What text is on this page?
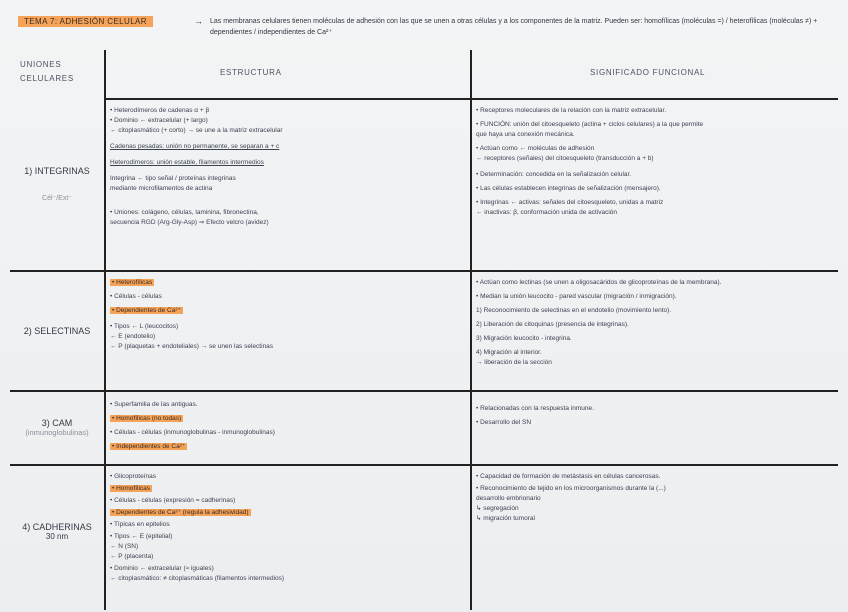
TEMA 7: ADHESIÓN CELULAR	→ Las membranas celulares tienen moléculas de adhesión con las que se unen a otras células y a los componentes de la matriz. Pueden ser: homofílicas (moléculas =) / heterofílicas (moléculas ≠) + dependientes / independientes de Ca²⁺
UNIONES CELULARES
ESTRUCTURA	SIGNIFICADO FUNCIONAL
1) INTEGRINAS
Cél⁻/Ext⁻
• Heterodímeros de cadenas α + β
• Dominio ← extracelular (+ largo)
← citoplasmático (+ corto) → se une a la matriz extracelular
Cadenas pesadas: unión no permanente, se separan a + c
Heterodímeros: unión estable, filamentos intermedios
Integrina ← tipo señal / proteínas integrinas
mediante microfilamentos de actina
• Uniones: colágeno, células, laminina, fibronectina,
secuencia RGD (Arg-Gly-Asp) ⇒ Efecto velcro (avidez)
• Receptores moleculares de la relación con la matriz extracelular.
• FUNCIÓN: unión del citoesqueleto (actina + ciclos celulares) a la que permite
que haya una conexión mecánica.
• Actúan como ← moléculas de adhesión
← receptores (señales) del citoesqueleto (transducción a + b)
• Determinación: concedida en la señalización celular.
• Las células establecen integrinas de señalización (mensajero).
• Integrinas ← activas: señales del citoesqueleto, unidas a matriz
← inactivas: β, conformación unida de activación
2) SELECTINAS
• Heterofílicas
• Células - células
• Dependientes de Ca²⁺
• Tipos ← L (leucocitos)
← E (endotelio)
← P (plaquetas + endoteliales) → se unen las selectinas
• Actúan como lectinas (se unen a oligosacáridos de glicoproteínas de la membrana).
• Median la unión leucocito - pared vascular (migración / inmigración).
1) Reconocimiento de selectinas en el endotelio (movimiento lento).
2) Liberación de citoquinas (presencia de integrinas).
3) Migración leucocito - integrina.
4) Migración al interior.
→ liberación de la sección
3) CAM
(inmunoglobulinas)
• Superfamilia de las antiguas.
• Homofílicas (no todas)
• Células - células (inmunoglobulinas - inmunoglobulinas)
• Independientes de Ca²⁺
• Relacionadas con la respuesta inmune.
• Desarrollo del SN
4) CADHERINAS
30 nm
• Glicoproteínas
• Homofílicas
• Células - células (expresión = cadherinas)
• Dependientes de Ca²⁺ (regula la adhesividad)
• Típicas en epitelios
• Tipos ← E (epitelial)
← N (SN)
← P (placenta)
• Dominio ← extracelular (≈ iguales)
← citoplasmático: ≠ citoplasmáticas (filamentos intermedios)
• Capacidad de formación de metástasis en células cancerosas.
• Reconocimiento de tejido en los microorganismos durante la (...)
desarrollo embrionario
↳ segregación
↳ migración tumoral
